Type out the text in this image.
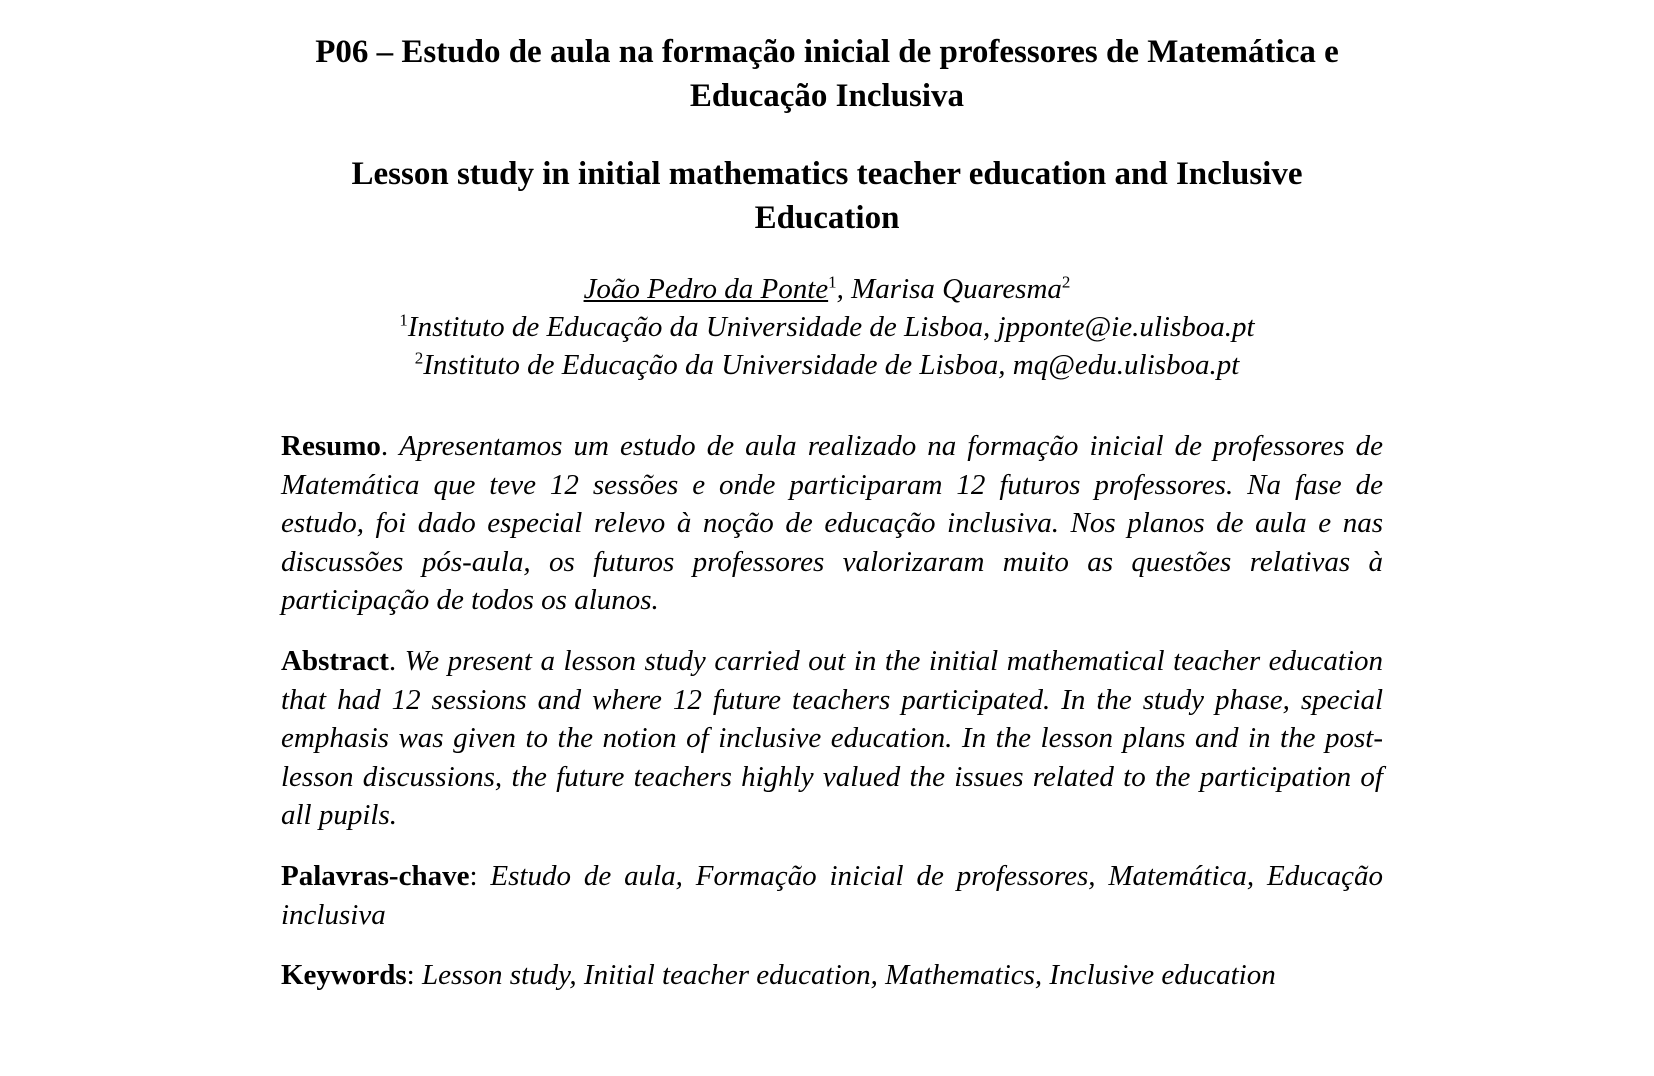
P06 – Estudo de aula na formação inicial de professores de Matemática e
Educação Inclusiva
Lesson study in initial mathematics teacher education and Inclusive
Education
João Pedro da Ponte$^1$, Marisa Quaresma$^2$
$^1$Instituto de Educação da Universidade de Lisboa, jpponte@ie.ulisboa.pt
$^2$Instituto de Educação da Universidade de Lisboa, mq@edu.ulisboa.pt

Resumo. Apresentamos um estudo de aula realizado na formação inicial de professores de Matemática que teve 12 sessões e onde participaram 12 futuros professores. Na fase de estudo, foi dado especial relevo à noção de educação inclusiva. Nos planos de aula e nas discussões pós-aula, os futuros professores valorizaram muito as questões relativas à participação de todos os alunos.

Abstract. We present a lesson study carried out in the initial mathematical teacher education that had 12 sessions and where 12 future teachers participated. In the study phase, special emphasis was given to the notion of inclusive education. In the lesson plans and in the post-lesson discussions, the future teachers highly valued the issues related to the participation of all pupils.

Palavras-chave: Estudo de aula, Formação inicial de professores, Matemática, Educação inclusiva

Keywords: Lesson study, Initial teacher education, Mathematics, Inclusive education
